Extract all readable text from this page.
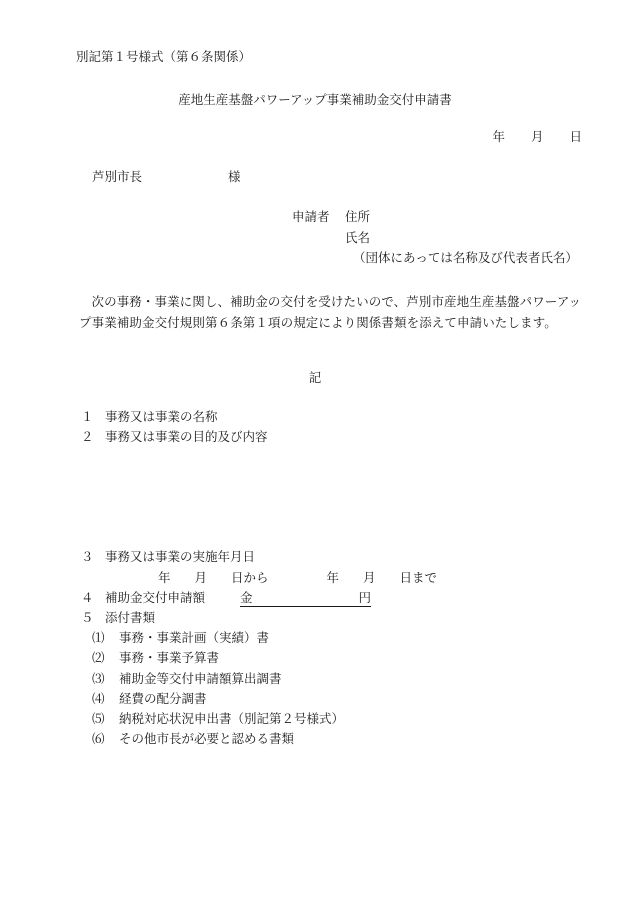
別記第１号様式（第６条関係）
産地生産基盤パワーアップ事業補助金交付申請書
年 月 日
芦別市長	様
申請者 住所
氏名
（団体にあっては名称及び代表者氏名）
次の事務・事業に関し、補助金の交付を受けたいので、芦別市産地生産基盤パワーアップ事業補助金交付規則第６条第１項の規定により関係書類を添えて申請いたします。
記
１ 事務又は事業の名称
２ 事務又は事業の目的及び内容
３ 事務又は事業の実施年月日
年 月 日から	年 月 日まで
４ 補助金交付申請額	金	円
５ 添付書類
⑴ 事務・事業計画（実績）書
⑵ 事務・事業予算書
⑶ 補助金等交付申請額算出調書
⑷ 経費の配分調書
⑸ 納税対応状況申出書（別記第２号様式）
⑹ その他市長が必要と認める書類
